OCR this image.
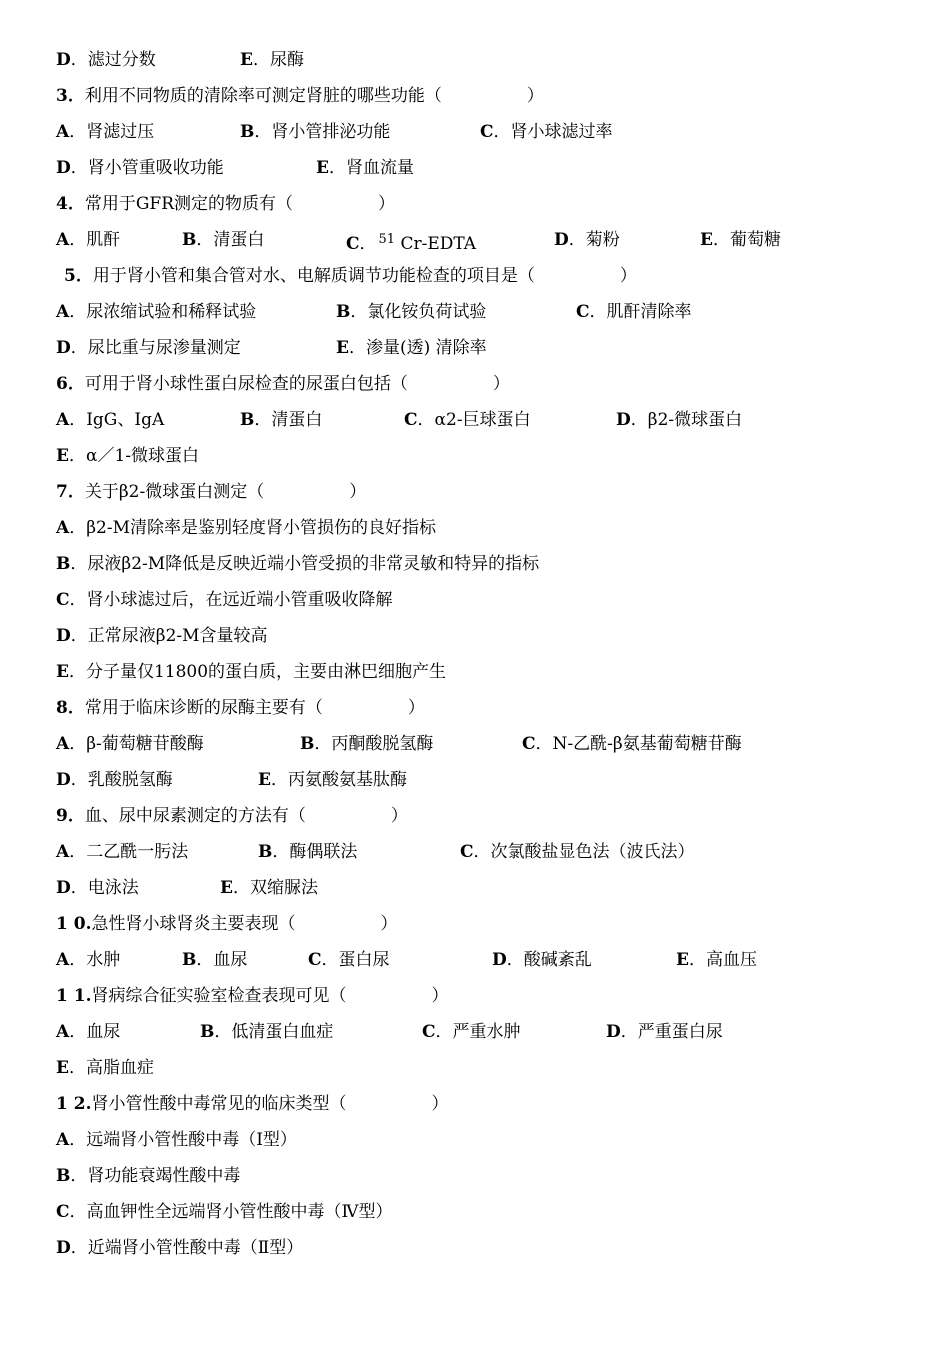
D．滤过分数	E．尿酶
3．利用不同物质的清除率可测定肾脏的哪些功能（　　　　　）
A．肾滤过压	B．肾小管排泌功能	C．肾小球滤过率
D．肾小管重吸收功能	E．肾血流量
4．常用于GFR测定的物质有（　　　　　）
A．肌酐	B．清蛋白	C． $^{51}$ Cr-EDTA	D．菊粉	E．葡萄糖
5．用于肾小管和集合管对水、电解质调节功能检查的项目是（　　　　　）
A．尿浓缩试验和稀释试验	B．氯化铵负荷试验	C．肌酐清除率
D．尿比重与尿渗量测定	E．渗量(透) 清除率
6．可用于肾小球性蛋白尿检查的尿蛋白包括（　　　　　）
A．IgG、IgA	B．清蛋白	C．α2-巨球蛋白	D．β2-微球蛋白
E．α／1-微球蛋白
7．关于β2-微球蛋白测定（　　　　　）
A．β2-M清除率是鉴别轻度肾小管损伤的良好指标
B．尿液β2-M降低是反映近端小管受损的非常灵敏和特异的指标
C．肾小球滤过后，在远近端小管重吸收降解
D．正常尿液β2-M含量较高
E．分子量仅11800的蛋白质，主要由淋巴细胞产生
8．常用于临床诊断的尿酶主要有（　　　　　）
A．β-葡萄糖苷酸酶	B．丙酮酸脱氢酶	C．N-乙酰-β氨基葡萄糖苷酶
D．乳酸脱氢酶	E．丙氨酸氨基肽酶
9．血、尿中尿素测定的方法有（　　　　　）
A．二乙酰一肟法	B．酶偶联法	C．次氯酸盐显色法（波氏法）
D．电泳法	E．双缩脲法
1 0.急性肾小球肾炎主要表现（　　　　　）
A．水肿	B．血尿	C．蛋白尿	D．酸碱紊乱	E．高血压
1 1.肾病综合征实验室检查表现可见（　　　　　）
A．血尿	B．低清蛋白血症	C．严重水肿	D．严重蛋白尿
E．高脂血症
1 2.肾小管性酸中毒常见的临床类型（　　　　　）
A．远端肾小管性酸中毒（Ⅰ型）
B．肾功能衰竭性酸中毒
C．高血钾性全远端肾小管性酸中毒（Ⅳ型）
D．近端肾小管性酸中毒（Ⅱ型）
